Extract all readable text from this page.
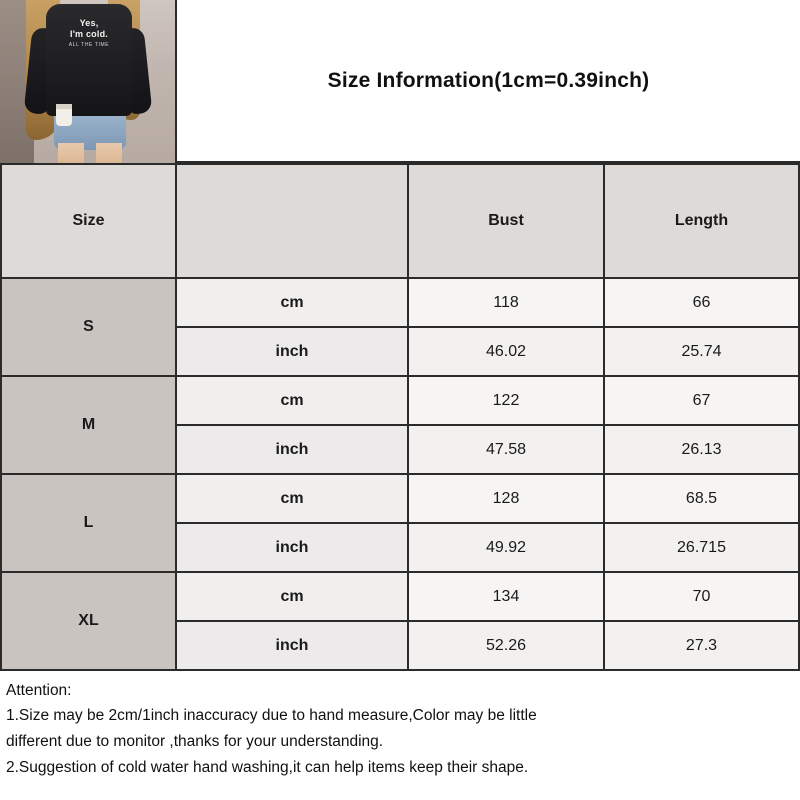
Yes,
I'm cold.
ALL THE TIME
Size Information(1cm=0.39inch)
Size		Bust	Length
S	cm	118	66
	inch	46.02	25.74
M	cm	122	67
	inch	47.58	26.13
L	cm	128	68.5
	inch	49.92	26.715
XL	cm	134	70
	inch	52.26	27.3
Attention:
1.Size may be 2cm/1inch inaccuracy due to hand measure,Color may be little
different due to monitor ,thanks for your understanding.
2.Suggestion of cold water hand washing,it can help items keep their shape.
